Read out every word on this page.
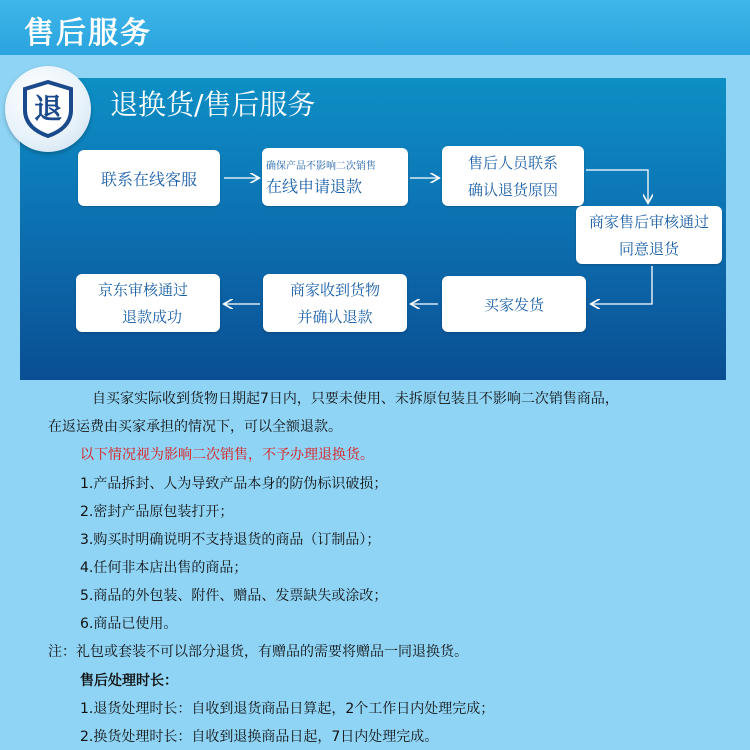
售后服务
退 退换货/售后服务
联系在线客服
确保产品不影响二次销售
在线申请退款
售后人员联系
确认退货原因
商家售后审核通过
同意退货
买家发货
商家收到货物
并确认退款
京东审核通过
退款成功
自买家实际收到货物日期起7日内，只要未使用、未拆原包装且不影响二次销售商品，
在返运费由买家承担的情况下，可以全额退款。
以下情况视为影响二次销售，不予办理退换货。
1.产品拆封、人为导致产品本身的防伪标识破损；
2.密封产品原包装打开；
3.购买时明确说明不支持退货的商品（订制品）；
4.任何非本店出售的商品；
5.商品的外包装、附件、赠品、发票缺失或涂改；
6.商品已使用。
注：礼包或套装不可以部分退货，有赠品的需要将赠品一同退换货。
售后处理时长：
1.退货处理时长：自收到退货商品日算起，2个工作日内处理完成；
2.换货处理时长：自收到退换商品日起，7日内处理完成。
